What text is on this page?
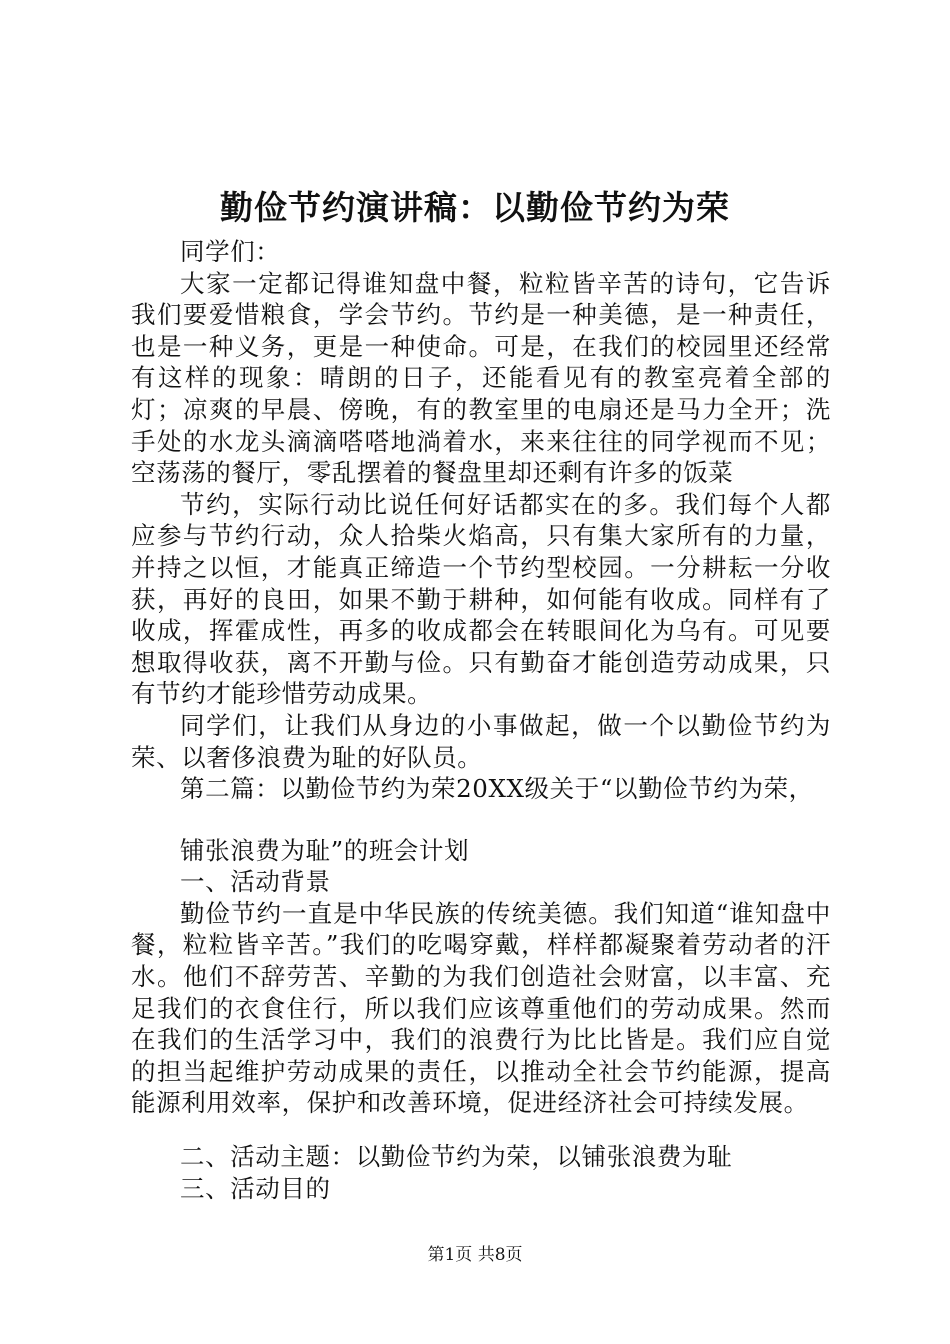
勤俭节约演讲稿：以勤俭节约为荣

同学们：

大家一定都记得谁知盘中餐，粒粒皆辛苦的诗句，它告诉我们要爱惜粮食，学会节约。节约是一种美德，是一种责任，也是一种义务，更是一种使命。可是，在我们的校园里还经常有这样的现象：晴朗的日子，还能看见有的教室亮着全部的灯；凉爽的早晨、傍晚，有的教室里的电扇还是马力全开；洗手处的水龙头滴滴嗒嗒地淌着水，来来往往的同学视而不见；空荡荡的餐厅，零乱摆着的餐盘里却还剩有许多的饭菜

节约，实际行动比说任何好话都实在的多。我们每个人都应参与节约行动，众人拾柴火焰高，只有集大家所有的力量，并持之以恒，才能真正缔造一个节约型校园。一分耕耘一分收获，再好的良田，如果不勤于耕种，如何能有收成。同样有了收成，挥霍成性，再多的收成都会在转眼间化为乌有。可见要想取得收获，离不开勤与俭。只有勤奋才能创造劳动成果，只有节约才能珍惜劳动成果。

同学们，让我们从身边的小事做起，做一个以勤俭节约为荣、以奢侈浪费为耻的好队员。

第二篇：以勤俭节约为荣20XX级关于“以勤俭节约为荣，

铺张浪费为耻”的班会计划

一、活动背景

勤俭节约一直是中华民族的传统美德。我们知道“谁知盘中餐，粒粒皆辛苦。”我们的吃喝穿戴，样样都凝聚着劳动者的汗水。他们不辞劳苦、辛勤的为我们创造社会财富，以丰富、充足我们的衣食住行，所以我们应该尊重他们的劳动成果。然而在我们的生活学习中，我们的浪费行为比比皆是。我们应自觉的担当起维护劳动成果的责任，以推动全社会节约能源，提高能源利用效率，保护和改善环境，促进经济社会可持续发展。

二、活动主题：以勤俭节约为荣，以铺张浪费为耻

三、活动目的

第1页 共8页
